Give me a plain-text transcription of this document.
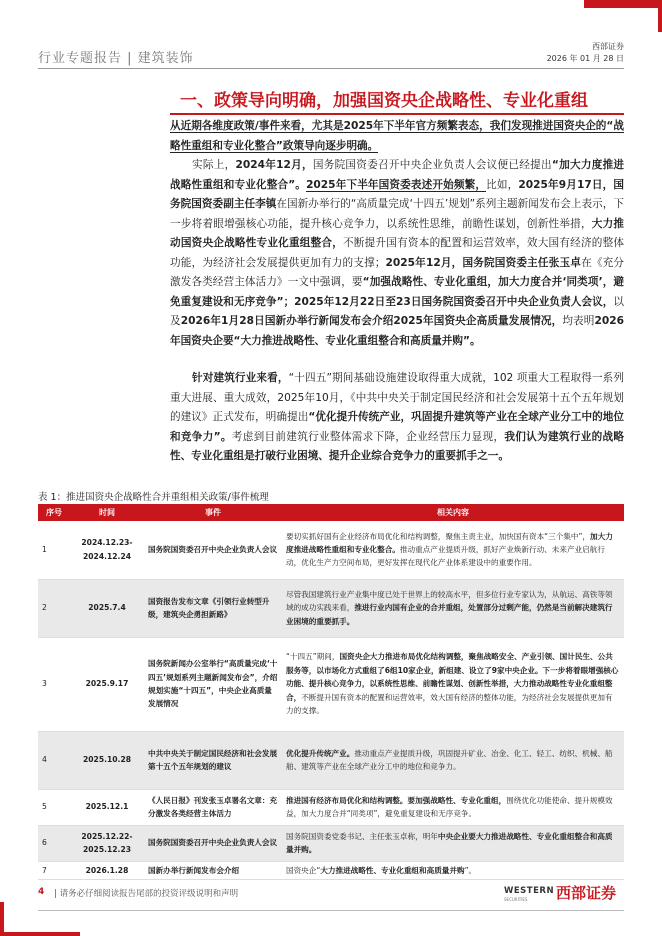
行业专题报告 | 建筑装饰
西部证券
2026 年 01 月 28 日
一、政策导向明确，加强国资央企战略性、专业化重组
从近期各维度政策/事件来看，尤其是2025年下半年官方频繁表态，我们发现推进国资央企的“战略性重组和专业化整合”政策导向逐步明确。
实际上，2024年12月，国务院国资委召开中央企业负责人会议便已经提出“加大力度推进战略性重组和专业化整合”。2025年下半年国资委表述开始频繁，比如，2025年9月17日，国务院国资委副主任李镇在国新办举行的“高质量完成‘十四五’规划”系列主题新闻发布会上表示，下一步将着眼增强核心功能，提升核心竞争力，以系统性思维，前瞻性谋划，创新性举措，大力推动国资央企战略性专业化重组整合，不断提升国有资本的配置和运营效率，效大国有经济的整体功能，为经济社会发展提供更加有力的支撑；2025年12月，国务院国资委主任张玉卓在《充分激发各类经营主体活力》一文中强调，要“加强战略性、专业化重组，加大力度合并‘同类项’，避免重复建设和无序竞争”；2025年12月22日至23日国务院国资委召开中央企业负责人会议，以及2026年1月28日国新办举行新闻发布会介绍2025年国资央企高质量发展情况，均表明2026年国资央企要“大力推进战略性、专业化重组整合和高质量并购”。
针对建筑行业来看，“十四五”期间基础设施建设取得重大成就，102 项重大工程取得一系列重大进展、重大成效，2025年10月，《中共中央关于制定国民经济和社会发展第十五个五年规划的建议》正式发布，明确提出“优化提升传统产业，巩固提升建筑等产业在全球产业分工中的地位和竞争力”。考虑到目前建筑行业整体需求下降，企业经营压力显现，我们认为建筑行业的战略性、专业化重组是打破行业困境、提升企业综合竞争力的重要抓手之一。
表 1：推进国资央企战略性合并重组相关政策/事件梳理
序号	时间	事件	相关内容
1	2024.12.23-2024.12.24	国务院国资委召开中央企业负责人会议	要切实抓好国有企业经济布局优化和结构调整，聚焦主责主业，加快国有资本“三个集中”，加大力度推进战略性重组和专业化整合。推动重点产业提质升级，抓好产业焕新行动、未来产业启航行动，优化生产力空间布局，更好发挥在现代化产业体系建设中的重要作用。
2	2025.7.4	国资报告发布文章《引领行业转型升级，建筑央企勇担新路》	尽管我国建筑行业产业集中度已处于世界上的较高水平，但多位行业专家认为，从航运、高铁等领域的成功实践来看，推进行业内国有企业的合并重组，处置部分过剩产能，仍然是当前解决建筑行业困境的重要抓手。
3	2025.9.17	国务院新闻办公室举行“高质量完成‘十四五’规划系列主题新闻发布会”，介绍规划实施“十四五”，中央企业高质量发展情况	“十四五”期间，国资央企大力推进布局优化结构调整，聚焦战略安全、产业引领、国计民生、公共服务等，以市场化方式重组了6组10家企业，新组建、设立了9家中央企业。下一步将着眼增强核心功能、提升核心竞争力，以系统性思维、前瞻性谋划、创新性举措，大力推动战略性专业化重组整合，不断提升国有资本的配置和运营效率，效大国有经济的整体功能，为经济社会发展提供更加有力的支撑。
4	2025.10.28	中共中央关于制定国民经济和社会发展第十五个五年规划的建议	优化提升传统产业。推动重点产业提质升级，巩固提升矿业、冶金、化工、轻工、纺织、机械、船舶、建筑等产业在全球产业分工中的地位和竞争力。
5	2025.12.1	《人民日报》刊发张玉卓署名文章：充分激发各类经营主体活力	推进国有经济布局优化和结构调整。要加强战略性、专业化重组，围绕优化功能使命、提升规模效益，加大力度合并“同类项”，避免重复建设和无序竞争。
6	2025.12.22-2025.12.23	国务院国资委召开中央企业负责人会议	国务院国资委党委书记、主任张玉卓称，明年中央企业要大力推进战略性、专业化重组整合和高质量并购。
7	2026.1.28	国新办举行新闻发布会介绍	国资央企“大力推进战略性、专业化重组和高质量并购”。
4 | 请务必仔细阅读报告尾部的投资评级说明和声明	WESTERN
SECURITIES 西部证券
